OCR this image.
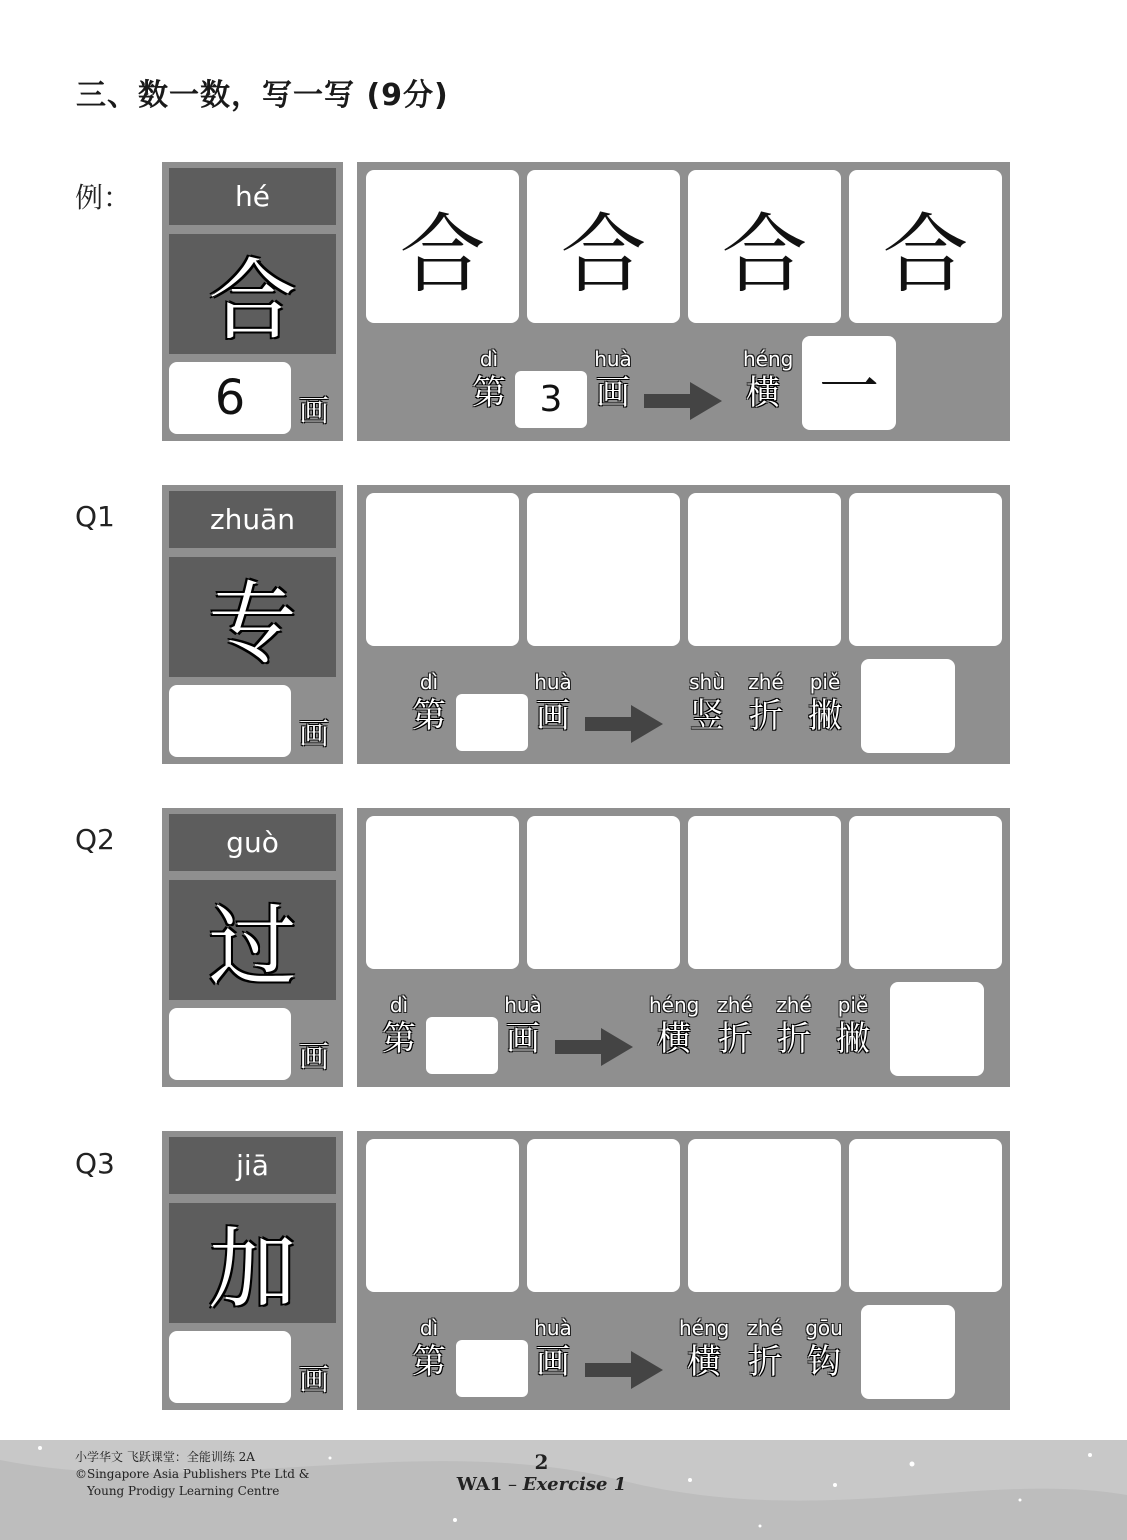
三、数一数，写一写 (9分)
例：	hé
合
6	画
合 合 合 合
dì
第 3
huà
画
héng
横 一
Q1	zhuān
专
画
dì
第
huà
画
shù
竖
zhé
折
piě
撇
Q2	guò
过
画
dì
第
huà
画
héng
横
zhé
折
zhé
折
piě
撇
Q3	jiā
加
画
dì
第
huà
画
héng
横
zhé
折
gōu
钩
小学华文 飞跃课堂：全能训练 2A
©Singapore Asia Publishers Pte Ltd &
Young Prodigy Learning Centre
2
WA1 – Exercise 1
